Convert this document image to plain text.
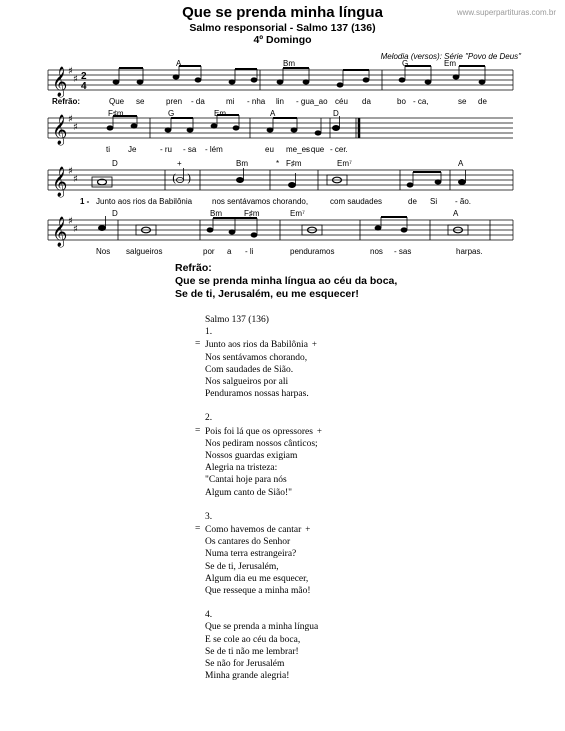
Que se prenda minha língua
Salmo responsorial - Salmo 137 (136)
4º Domingo
www.superpartituras.com.br
Melodia (versos): Série "Povo de Deus"
𝄞
𝄞
𝄞
𝄞
♯
♯
♯
♯
♯
♯
♯
♯
2
4
( )
A	Bm	G	Em
Refrão:	Que se	pren - da	mi - nha lin - gua_ao céu da	bo - ca,	se de
F♯m	G	Em	A	D
ti Je	- ru - sa - lém	eu me_es
- que - cer.
D	+	Bm	* F♯m	Em⁷	A
1 - Junto aos rios da Babilônia nos sentávamos chorando,	com saudades	de Si - ão.
D	Bm	F♯m	Em⁷	A
Nos salgueiros	por a - li	penduramos	nos - sas	harpas.
Refrão:
Que se prenda minha língua ao céu da boca,
Se de ti, Jerusalém, eu me esquecer!
Salmo 137 (136)
1.
= Junto aos rios da Babilônia +
Nos sentávamos chorando,
Com saudades de Sião.
Nos salgueiros por ali
Penduramos nossas harpas.
2.
= Pois foi lá que os opressores +
Nos pediram nossos cânticos;
Nossos guardas exigiam
Alegria na tristeza:
"Cantai hoje para nós
Algum canto de Sião!"
3.
= Como havemos de cantar +
Os cantares do Senhor
Numa terra estrangeira?
Se de ti, Jerusalém,
Algum dia eu me esquecer,
Que resseque a minha mão!
4.
Que se prenda a minha língua
E se cole ao céu da boca,
Se de ti não me lembrar!
Se não for Jerusalém
Minha grande alegria!
